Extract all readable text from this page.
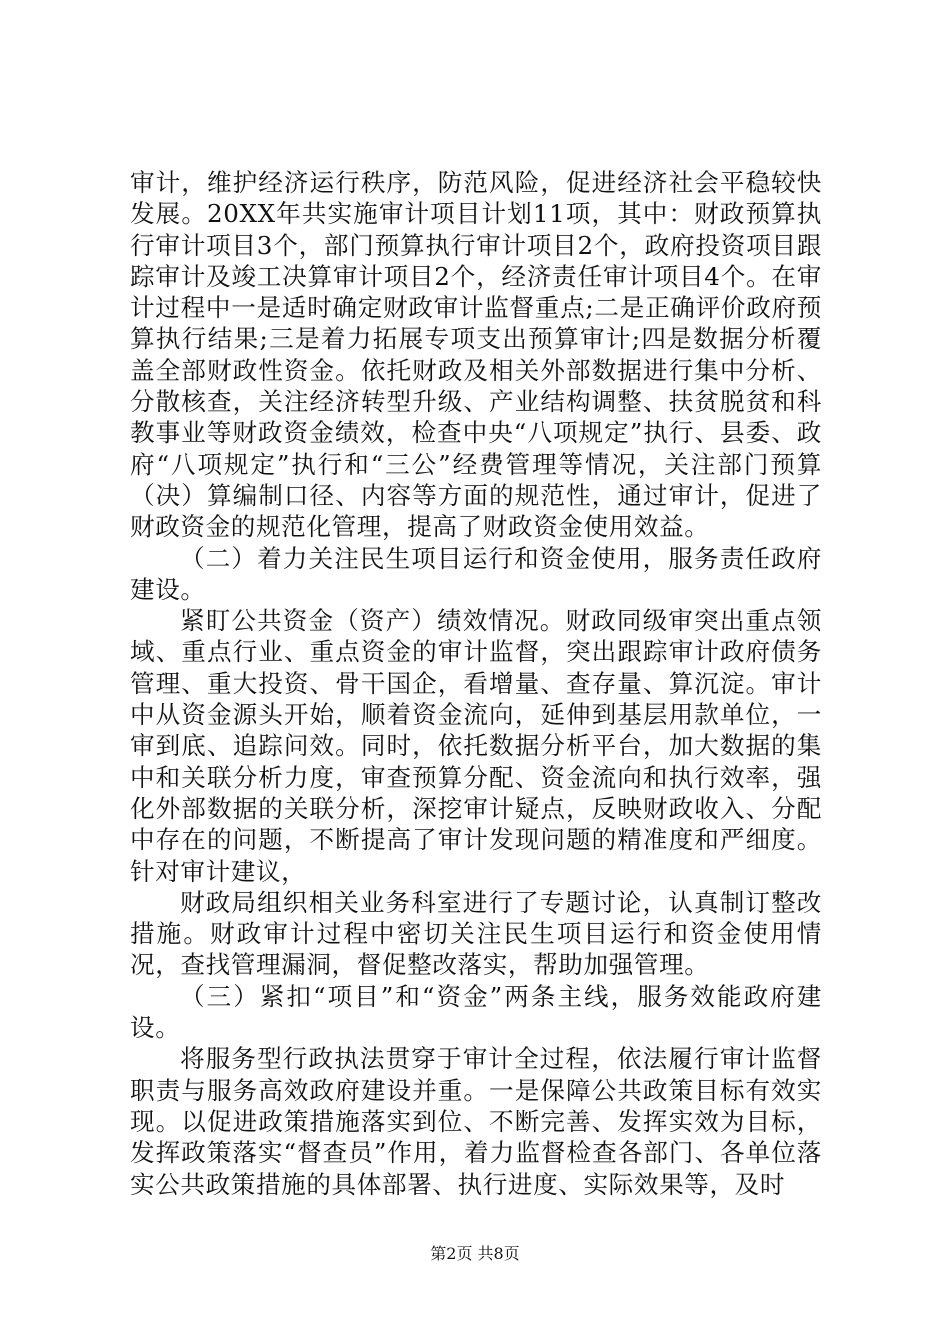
审计，维护经济运行秩序，防范风险，促进经济社会平稳较快发展。20XX年共实施审计项目计划11项，其中：财政预算执行审计项目3个，部门预算执行审计项目2个，政府投资项目跟踪审计及竣工决算审计项目2个，经济责任审计项目4个。在审计过程中一是适时确定财政审计监督重点;二是正确评价政府预算执行结果;三是着力拓展专项支出预算审计;四是数据分析覆盖全部财政性资金。依托财政及相关外部数据进行集中分析、分散核查，关注经济转型升级、产业结构调整、扶贫脱贫和科教事业等财政资金绩效，检查中央“八项规定”执行、县委、政府“八项规定”执行和“三公”经费管理等情况，关注部门预算（决）算编制口径、内容等方面的规范性，通过审计，促进了财政资金的规范化管理，提高了财政资金使用效益。

（二）着力关注民生项目运行和资金使用，服务责任政府建设。

紧盯公共资金（资产）绩效情况。财政同级审突出重点领域、重点行业、重点资金的审计监督，突出跟踪审计政府债务管理、重大投资、骨干国企，看增量、查存量、算沉淀。审计中从资金源头开始，顺着资金流向，延伸到基层用款单位，一审到底、追踪问效。同时，依托数据分析平台，加大数据的集中和关联分析力度，审查预算分配、资金流向和执行效率，强化外部数据的关联分析，深挖审计疑点，反映财政收入、分配中存在的问题，不断提高了审计发现问题的精准度和严细度。针对审计建议，

财政局组织相关业务科室进行了专题讨论，认真制订整改措施。财政审计过程中密切关注民生项目运行和资金使用情况，查找管理漏洞，督促整改落实，帮助加强管理。

（三）紧扣“项目”和“资金”两条主线，服务效能政府建设。

将服务型行政执法贯穿于审计全过程，依法履行审计监督职责与服务高效政府建设并重。一是保障公共政策目标有效实现。以促进政策措施落实到位、不断完善、发挥实效为目标，发挥政策落实“督查员”作用，着力监督检查各部门、各单位落实公共政策措施的具体部署、执行进度、实际效果等，及时

第2页 共8页
